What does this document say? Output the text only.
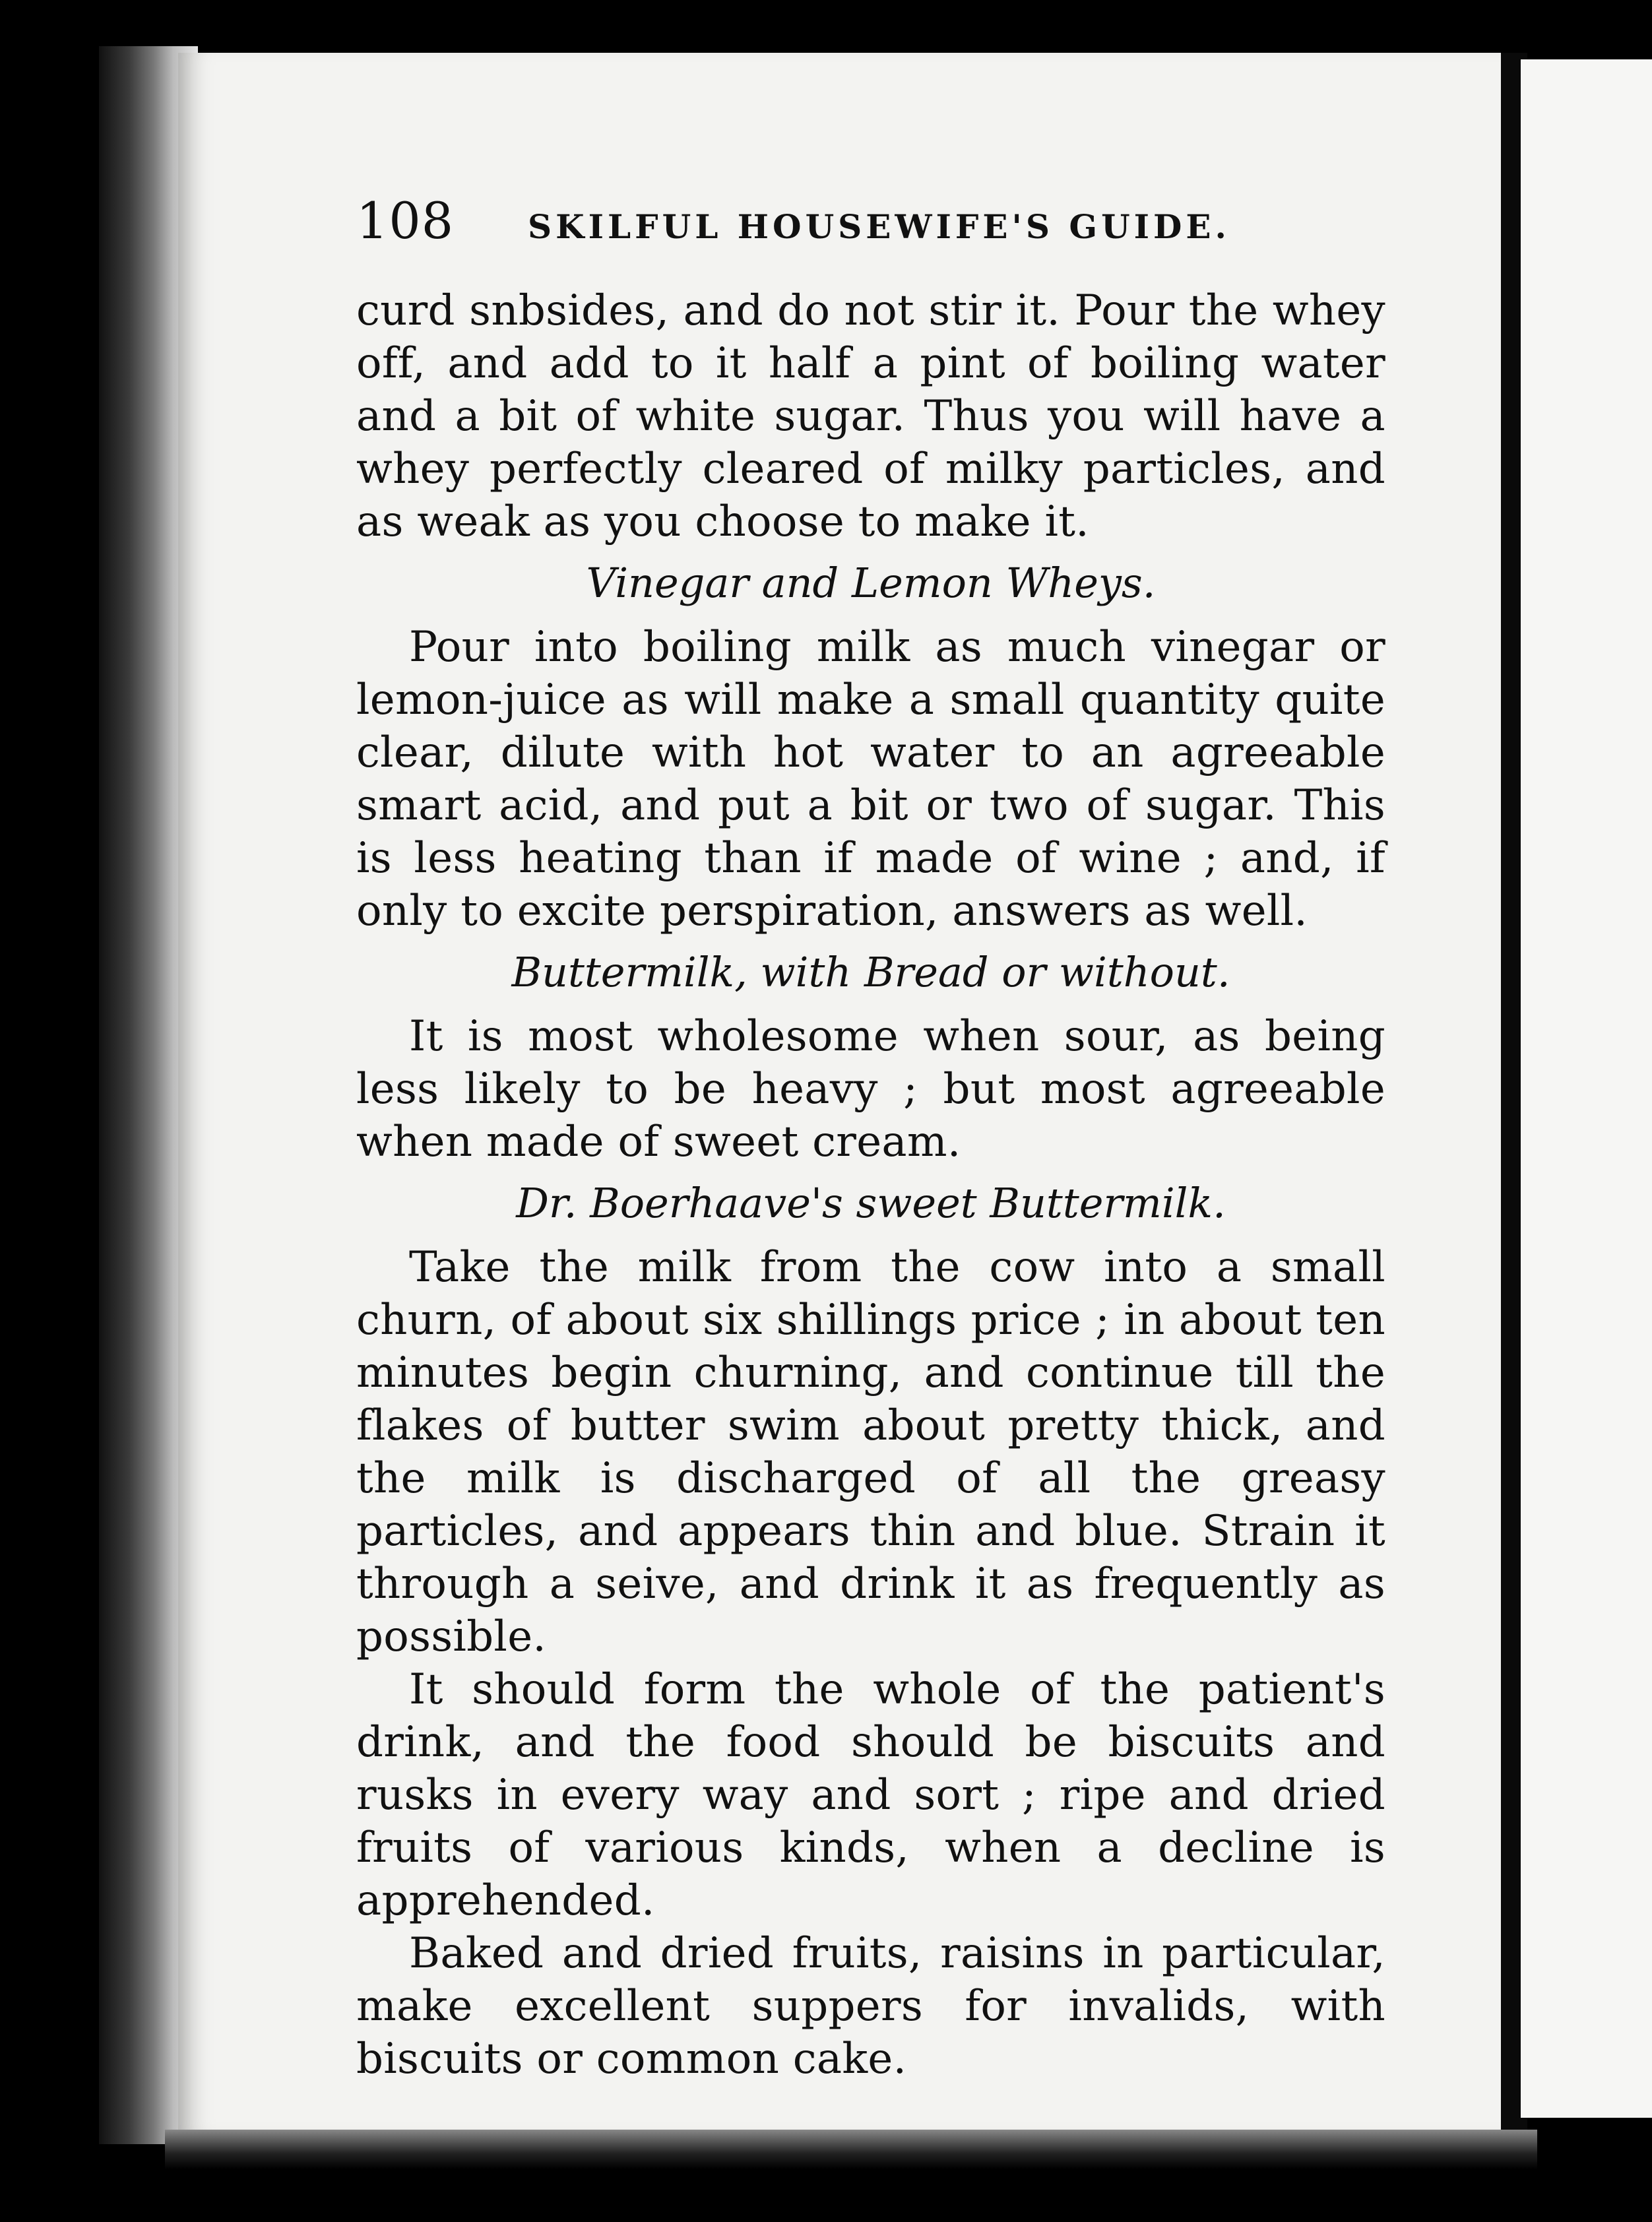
108	SKILFUL HOUSEWIFE'S GUIDE.

curd snbsides, and do not stir it. Pour the whey off, and add to it half a pint of boiling water and a bit of white sugar. Thus you will have a whey perfectly cleared of milky particles, and as weak as you choose to make it.

Vinegar and Lemon Wheys.

Pour into boiling milk as much vinegar or lemon-juice as will make a small quantity quite clear, dilute with hot water to an agreeable smart acid, and put a bit or two of sugar. This is less heating than if made of wine ; and, if only to excite perspiration, answers as well.

Buttermilk, with Bread or without.

It is most wholesome when sour, as being less likely to be heavy ; but most agreeable when made of sweet cream.

Dr. Boerhaave's sweet Buttermilk.

Take the milk from the cow into a small churn, of about six shillings price ; in about ten minutes begin churning, and continue till the flakes of butter swim about pretty thick, and the milk is discharged of all the greasy particles, and appears thin and blue. Strain it through a seive, and drink it as frequently as possible.

It should form the whole of the patient's drink, and the food should be biscuits and rusks in every way and sort ; ripe and dried fruits of various kinds, when a decline is apprehended.

Baked and dried fruits, raisins in particular, make excellent suppers for invalids, with biscuits or common cake.
